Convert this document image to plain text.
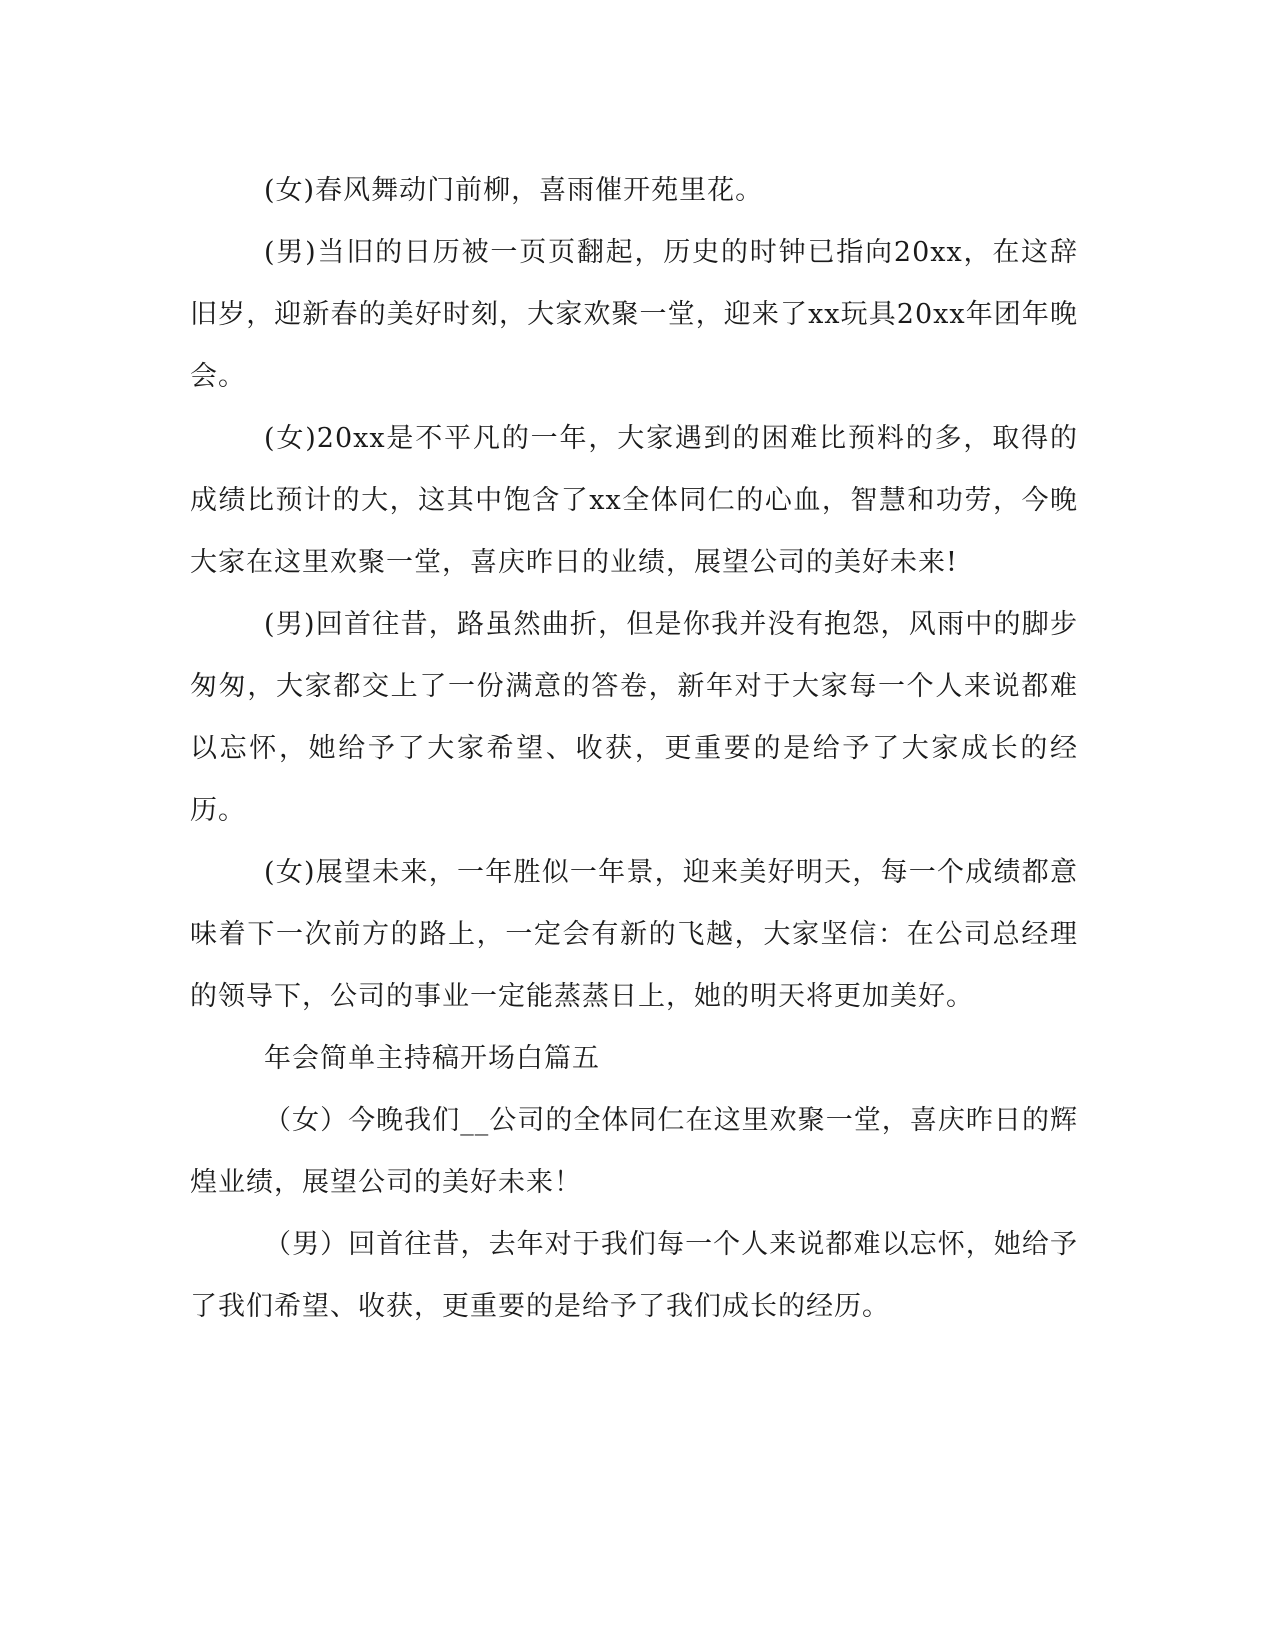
(女)春风舞动门前柳，喜雨催开苑里花。

(男)当旧的日历被一页页翻起，历史的时钟已指向20xx，在这辞旧岁，迎新春的美好时刻，大家欢聚一堂，迎来了xx玩具20xx年团年晚会。

(女)20xx是不平凡的一年，大家遇到的困难比预料的多，取得的成绩比预计的大，这其中饱含了xx全体同仁的心血，智慧和功劳，今晚大家在这里欢聚一堂，喜庆昨日的业绩，展望公司的美好未来!

(男)回首往昔，路虽然曲折，但是你我并没有抱怨，风雨中的脚步匆匆，大家都交上了一份满意的答卷，新年对于大家每一个人来说都难以忘怀，她给予了大家希望、收获，更重要的是给予了大家成长的经历。

(女)展望未来，一年胜似一年景，迎来美好明天，每一个成绩都意味着下一次前方的路上，一定会有新的飞越，大家坚信：在公司总经理的领导下，公司的事业一定能蒸蒸日上，她的明天将更加美好。

年会简单主持稿开场白篇五

（女）今晚我们__公司的全体同仁在这里欢聚一堂，喜庆昨日的辉煌业绩，展望公司的美好未来！

（男）回首往昔，去年对于我们每一个人来说都难以忘怀，她给予了我们希望、收获，更重要的是给予了我们成长的经历。
